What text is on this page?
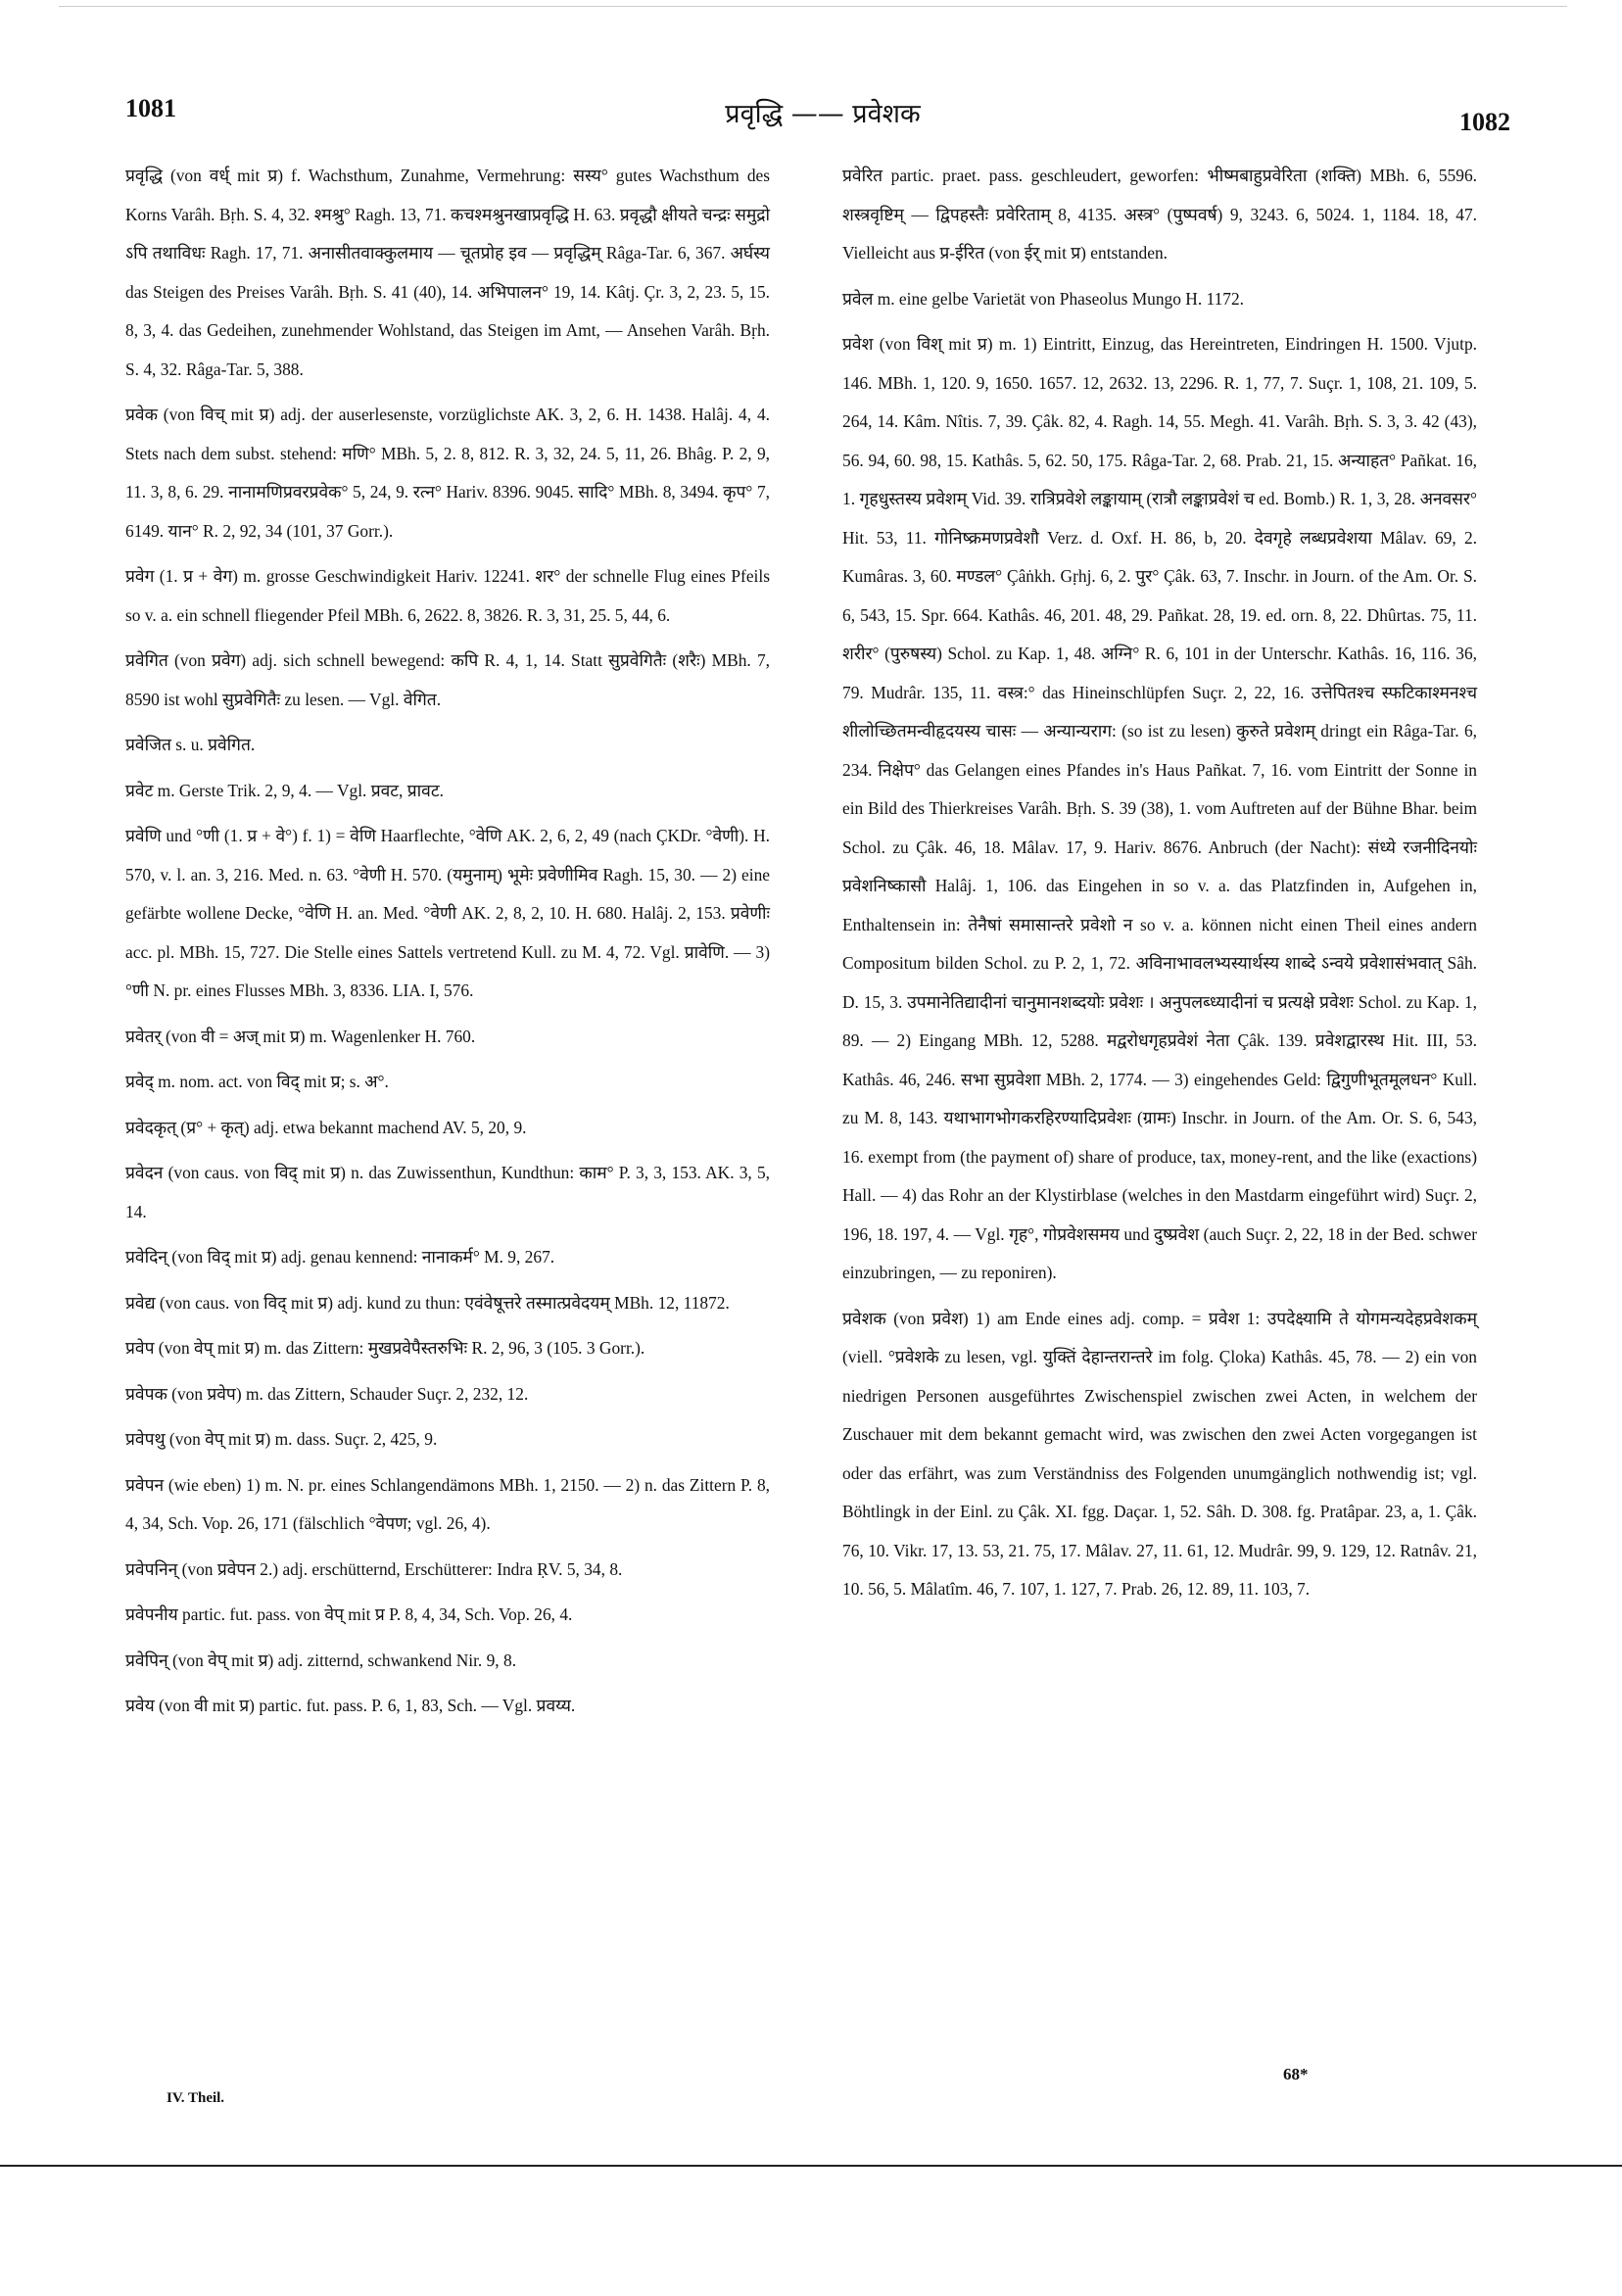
1081	प्रवृद्धि —— प्रवेशक	1082

प्रवृद्धि (von वर्ध् mit प्र) f. Wachsthum, Zunahme, Vermehrung: सस्य° gutes Wachsthum des Korns Varâh. Bṛh. S. 4, 32. श्मश्रु° Ragh. 13, 71. कचश्मश्रुनखाप्रवृद्धि H. 63. प्रवृद्धौ क्षीयते चन्द्रः समुद्रो ऽपि तथाविधः Ragh. 17, 71. अनासीतवाक्कुलमाय — चूतप्रोह इव — प्रवृद्धिम् Râga-Tar. 6, 367. अर्घस्य das Steigen des Preises Varâh. Bṛh. S. 41 (40), 14. अभिपालन° 19, 14. Kâtj. Çr. 3, 2, 23. 5, 15. 8, 3, 4. das Gedeihen, zunehmender Wohlstand, das Steigen im Amt, — Ansehen Varâh. Bṛh. S. 4, 32. Râga-Tar. 5, 388.

प्रवेक (von विच् mit प्र) adj. der auserlesenste, vorzüglichste AK. 3, 2, 6. H. 1438. Halâj. 4, 4. Stets nach dem subst. stehend: मणि° MBh. 5, 2. 8, 812. R. 3, 32, 24. 5, 11, 26. Bhâg. P. 2, 9, 11. 3, 8, 6. 29. नानामणिप्रवरप्रवेक° 5, 24, 9. रत्न° Hariv. 8396. 9045. सादि° MBh. 8, 3494. कृप° 7, 6149. यान° R. 2, 92, 34 (101, 37 Gorr.).

प्रवेग (1. प्र + वेग) m. grosse Geschwindigkeit Hariv. 12241. शर° der schnelle Flug eines Pfeils so v. a. ein schnell fliegender Pfeil MBh. 6, 2622. 8, 3826. R. 3, 31, 25. 5, 44, 6.

प्रवेगित (von प्रवेग) adj. sich schnell bewegend: कपि R. 4, 1, 14. Statt सुप्रवेगितैः (शरैः) MBh. 7, 8590 ist wohl सुप्रवेगितैः zu lesen. — Vgl. वेगित.

प्रवेजित s. u. प्रवेगित.

प्रवेट m. Gerste Trik. 2, 9, 4. — Vgl. प्रवट, प्रावट.

प्रवेणि und °णी (1. प्र + वे°) f. 1) = वेणि Haarflechte, °वेणि AK. 2, 6, 2, 49 (nach ÇKDr. °वेणी). H. 570, v. l. an. 3, 216. Med. n. 63. °वेणी H. 570. (यमुनाम्) भूमेः प्रवेणीमिव Ragh. 15, 30. — 2) eine gefärbte wollene Decke, °वेणि H. an. Med. °वेणी AK. 2, 8, 2, 10. H. 680. Halâj. 2, 153. प्रवेणीः acc. pl. MBh. 15, 727. Die Stelle eines Sattels vertretend Kull. zu M. 4, 72. Vgl. प्रावेणि. — 3) °णी N. pr. eines Flusses MBh. 3, 8336. LIA. I, 576.

प्रवेतर् (von वी = अज् mit प्र) m. Wagenlenker H. 760.

प्रवेद् m. nom. act. von विद् mit प्र; s. अ°.

प्रवेदकृत् (प्र° + कृत्) adj. etwa bekannt machend AV. 5, 20, 9.

प्रवेदन (von caus. von विद् mit प्र) n. das Zuwissenthun, Kundthun: काम° P. 3, 3, 153. AK. 3, 5, 14.

प्रवेदिन् (von विद् mit प्र) adj. genau kennend: नानाकर्म° M. 9, 267.

प्रवेद्य (von caus. von विद् mit प्र) adj. kund zu thun: एवंवेषूत्तरे तस्मात्प्रवेदयम् MBh. 12, 11872.

प्रवेप (von वेप् mit प्र) m. das Zittern: मुखप्रवेपैस्तरुभिः R. 2, 96, 3 (105. 3 Gorr.).

प्रवेपक (von प्रवेप) m. das Zittern, Schauder Suçr. 2, 232, 12.

प्रवेपथु (von वेप् mit प्र) m. dass. Suçr. 2, 425, 9.

प्रवेपन (wie eben) 1) m. N. pr. eines Schlangendämons MBh. 1, 2150. — 2) n. das Zittern P. 8, 4, 34, Sch. Vop. 26, 171 (fälschlich °वेपण; vgl. 26, 4).

प्रवेपनिन् (von प्रवेपन 2.) adj. erschütternd, Erschütterer: Indra ṚV. 5, 34, 8.

प्रवेपनीय partic. fut. pass. von वेप् mit प्र P. 8, 4, 34, Sch. Vop. 26, 4.

प्रवेपिन् (von वेप् mit प्र) adj. zitternd, schwankend Nir. 9, 8.

प्रवेय (von वी mit प्र) partic. fut. pass. P. 6, 1, 83, Sch. — Vgl. प्रवय्य.

प्रवेरित partic. praet. pass. geschleudert, geworfen: भीष्मबाहुप्रवेरिता (शक्ति) MBh. 6, 5596. शस्त्रवृष्टिम् — द्विपहस्तैः प्रवेरिताम् 8, 4135. अस्त्र° (पुष्पवर्ष) 9, 3243. 6, 5024. 1, 1184. 18, 47. Vielleicht aus प्र-ईरित (von ईर् mit प्र) entstanden.

प्रवेल m. eine gelbe Varietät von Phaseolus Mungo H. 1172.

प्रवेश (von विश् mit प्र) m. 1) Eintritt, Einzug, das Hereintreten, Eindringen H. 1500. Vjutp. 146. MBh. 1, 120. 9, 1650. 1657. 12, 2632. 13, 2296. R. 1, 77, 7. Suçr. 1, 108, 21. 109, 5. 264, 14. Kâm. Nîtis. 7, 39. Çâk. 82, 4. Ragh. 14, 55. Megh. 41. Varâh. Bṛh. S. 3, 3. 42 (43), 56. 94, 60. 98, 15. Kathâs. 5, 62. 50, 175. Râga-Tar. 2, 68. Prab. 21, 15. अन्याहत° Pañkat. 16, 1. गृहधुस्तस्य प्रवेशम् Vid. 39. रात्रिप्रवेशे लङ्कायाम् (रात्रौ लङ्काप्रवेशं च ed. Bomb.) R. 1, 3, 28. अनवसर° Hit. 53, 11. गोनिष्क्रमणप्रवेशौ Verz. d. Oxf. H. 86, b, 20. देवगृहे लब्धप्रवेशया Mâlav. 69, 2. Kumâras. 3, 60. मण्डल° Çâṅkh. Gṛhj. 6, 2. पुर° Çâk. 63, 7. Inschr. in Journ. of the Am. Or. S. 6, 543, 15. Spr. 664. Kathâs. 46, 201. 48, 29. Pañkat. 28, 19. ed. orn. 8, 22. Dhûrtas. 75, 11. शरीर° (पुरुषस्य) Schol. zu Kap. 1, 48. अग्नि° R. 6, 101 in der Unterschr. Kathâs. 16, 116. 36, 79. Mudrâr. 135, 11. वस्त्र:° das Hineinschlüpfen Suçr. 2, 22, 16. उत्तेपितश्च स्फटिकाश्मनश्च शीलोच्छितमन्वीहृदयस्य चासः — अन्यान्यराग: (so ist zu lesen) कुरुते प्रवेशम् dringt ein Râga-Tar. 6, 234. निक्षेप° das Gelangen eines Pfandes in's Haus Pañkat. 7, 16. vom Eintritt der Sonne in ein Bild des Thierkreises Varâh. Bṛh. S. 39 (38), 1. vom Auftreten auf der Bühne Bhar. beim Schol. zu Çâk. 46, 18. Mâlav. 17, 9. Hariv. 8676. Anbruch (der Nacht): संध्ये रजनीदिनयोः प्रवेशनिष्कासौ Halâj. 1, 106. das Eingehen in so v. a. das Platzfinden in, Aufgehen in, Enthaltensein in: तेनैषां समासान्तरे प्रवेशो न so v. a. können nicht einen Theil eines andern Compositum bilden Schol. zu P. 2, 1, 72. अविनाभावलभ्यस्यार्थस्य शाब्दे ऽन्वये प्रवेशासंभवात् Sâh. D. 15, 3. उपमानेतिद्यादीनां चानुमानशब्दयोः प्रवेशः । अनुपलब्ध्यादीनां च प्रत्यक्षे प्रवेशः Schol. zu Kap. 1, 89. — 2) Eingang MBh. 12, 5288. मद्वरोधगृहप्रवेशं नेता Çâk. 139. प्रवेशद्वारस्थ Hit. III, 53. Kathâs. 46, 246. सभा सुप्रवेशा MBh. 2, 1774. — 3) eingehendes Geld: द्विगुणीभूतमूलधन° Kull. zu M. 8, 143. यथाभागभोगकरहिरण्यादिप्रवेशः (ग्रामः) Inschr. in Journ. of the Am. Or. S. 6, 543, 16. exempt from (the payment of) share of produce, tax, money-rent, and the like (exactions) Hall. — 4) das Rohr an der Klystirblase (welches in den Mastdarm eingeführt wird) Suçr. 2, 196, 18. 197, 4. — Vgl. गृह°, गोप्रवेशसमय und दुष्प्रवेश (auch Suçr. 2, 22, 18 in der Bed. schwer einzubringen, — zu reponiren).

प्रवेशक (von प्रवेश) 1) am Ende eines adj. comp. = प्रवेश 1: उपदेक्ष्यामि ते योगमन्यदेहप्रवेशकम् (viell. °प्रवेशके zu lesen, vgl. युक्तिं देहान्तरान्तरे im folg. Çloka) Kathâs. 45, 78. — 2) ein von niedrigen Personen ausgeführtes Zwischenspiel zwischen zwei Acten, in welchem der Zuschauer mit dem bekannt gemacht wird, was zwischen den zwei Acten vorgegangen ist oder das erfährt, was zum Verständniss des Folgenden unumgänglich nothwendig ist; vgl. Böhtlingk in der Einl. zu Çâk. XI. fgg. Daçar. 1, 52. Sâh. D. 308. fg. Pratâpar. 23, a, 1. Çâk. 76, 10. Vikr. 17, 13. 53, 21. 75, 17. Mâlav. 27, 11. 61, 12. Mudrâr. 99, 9. 129, 12. Ratnâv. 21, 10. 56, 5. Mâlatîm. 46, 7. 107, 1. 127, 7. Prab. 26, 12. 89, 11. 103, 7.

IV. Theil.
68*
